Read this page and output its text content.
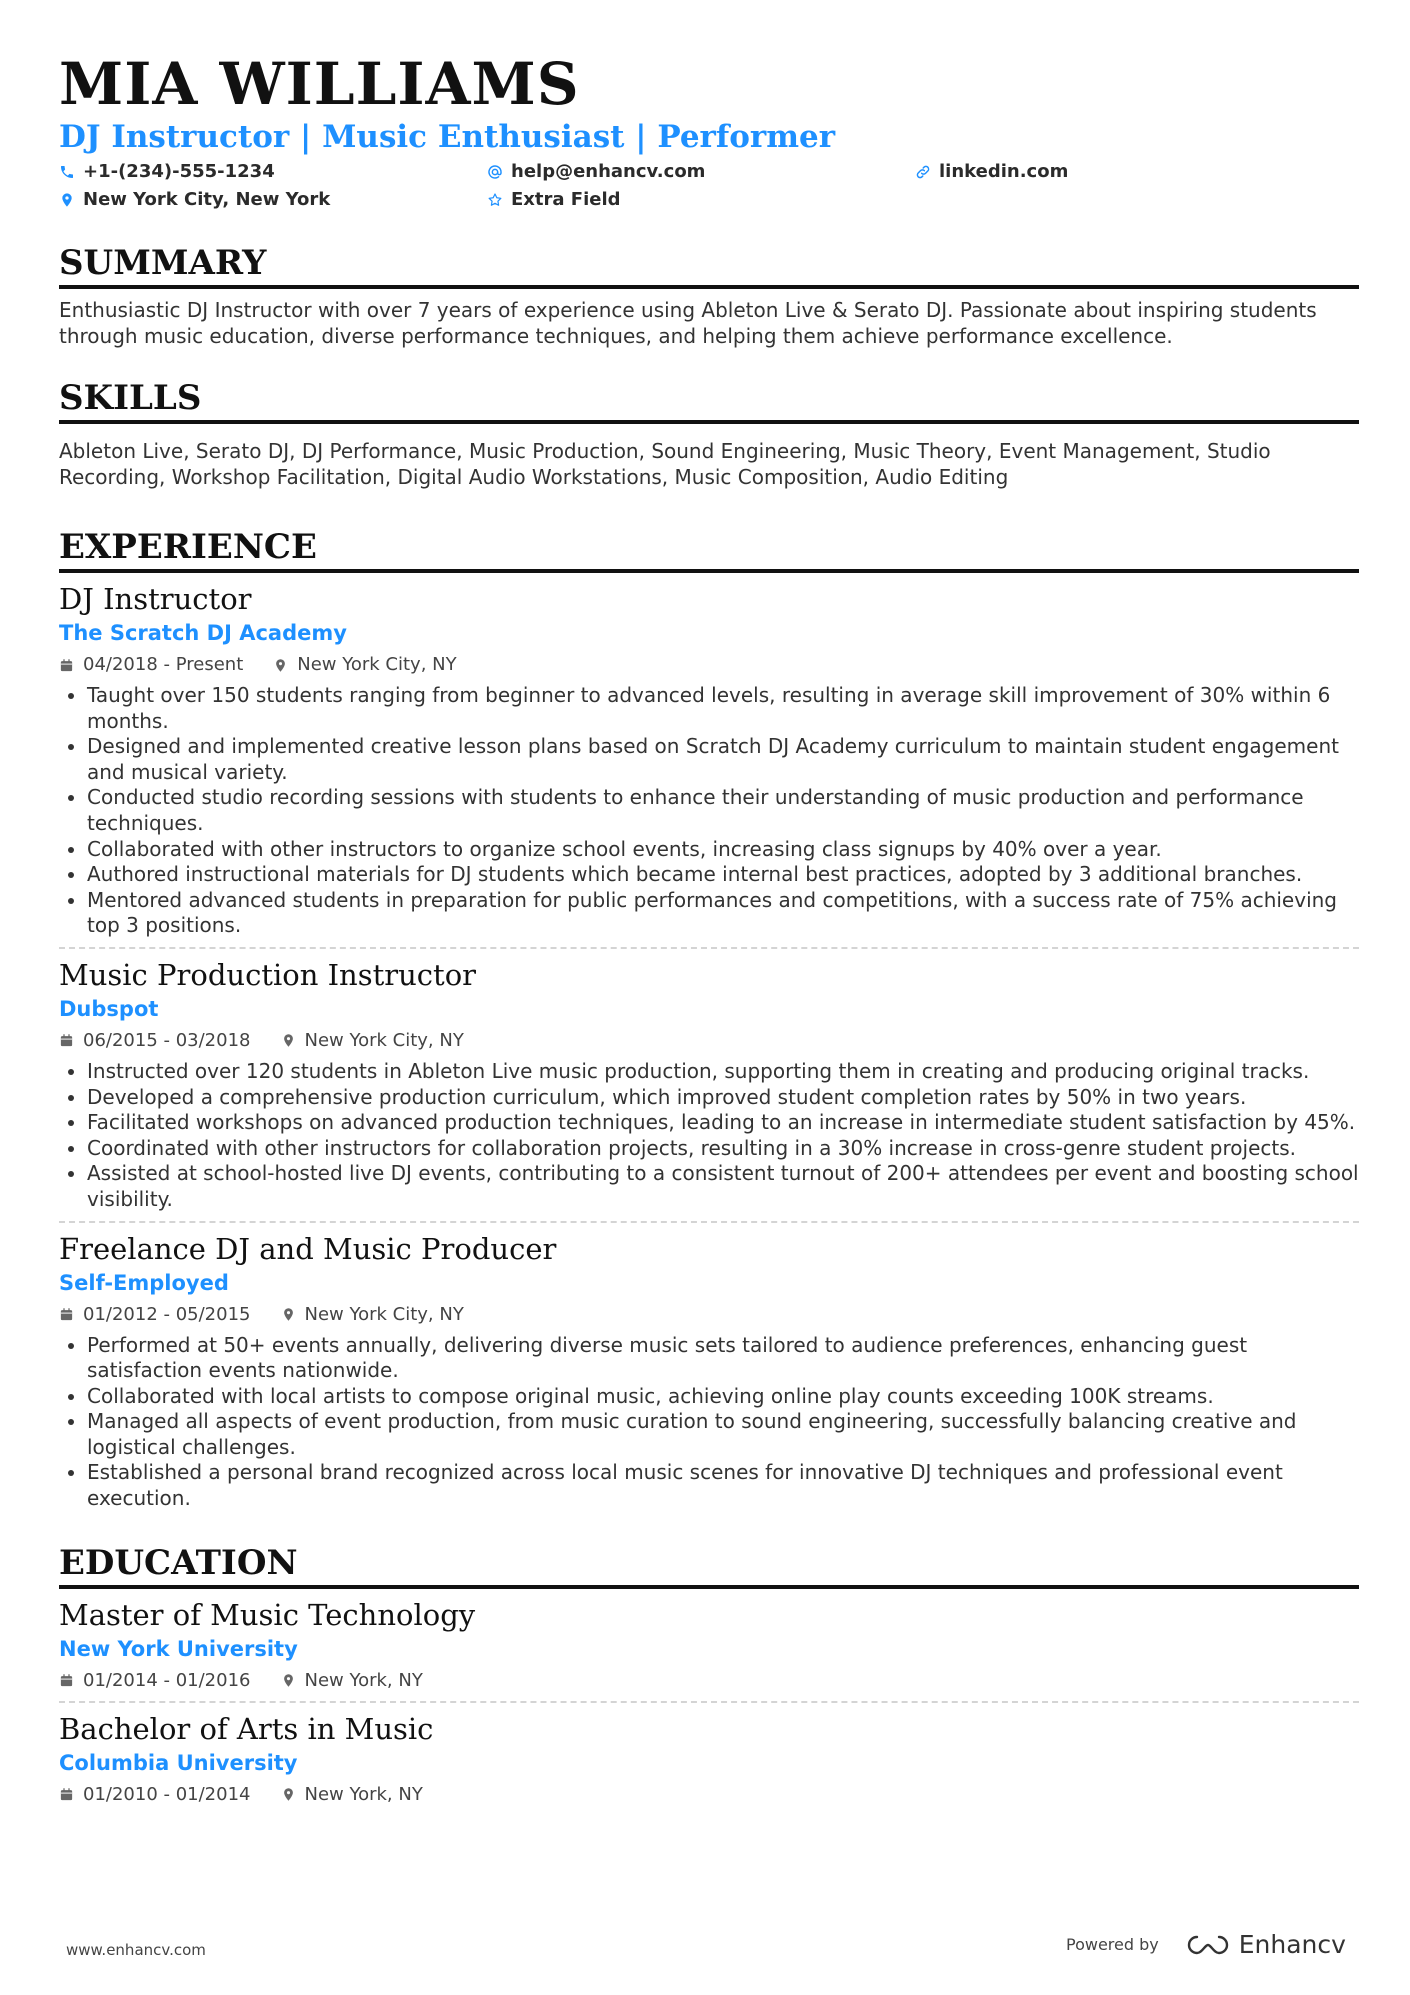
MIA WILLIAMS
DJ Instructor | Music Enthusiast | Performer
+1-(234)-555-1234	help@enhancv.com	linkedin.com
New York City, New York	Extra Field
SUMMARY
Enthusiastic DJ Instructor with over 7 years of experience using Ableton Live & Serato DJ. Passionate about inspiring students through music education, diverse performance techniques, and helping them achieve performance excellence.
SKILLS
Ableton Live, Serato DJ, DJ Performance, Music Production, Sound Engineering, Music Theory, Event Management, Studio Recording, Workshop Facilitation, Digital Audio Workstations, Music Composition, Audio Editing
EXPERIENCE
DJ Instructor
The Scratch DJ Academy
04/2018 - Present	New York City, NY
• Taught over 150 students ranging from beginner to advanced levels, resulting in average skill improvement of 30% within 6 months.
• Designed and implemented creative lesson plans based on Scratch DJ Academy curriculum to maintain student engagement and musical variety.
• Conducted studio recording sessions with students to enhance their understanding of music production and performance techniques.
• Collaborated with other instructors to organize school events, increasing class signups by 40% over a year.
• Authored instructional materials for DJ students which became internal best practices, adopted by 3 additional branches.
• Mentored advanced students in preparation for public performances and competitions, with a success rate of 75% achieving top 3 positions.
Music Production Instructor
Dubspot
06/2015 - 03/2018	New York City, NY
• Instructed over 120 students in Ableton Live music production, supporting them in creating and producing original tracks.
• Developed a comprehensive production curriculum, which improved student completion rates by 50% in two years.
• Facilitated workshops on advanced production techniques, leading to an increase in intermediate student satisfaction by 45%.
• Coordinated with other instructors for collaboration projects, resulting in a 30% increase in cross-genre student projects.
• Assisted at school-hosted live DJ events, contributing to a consistent turnout of 200+ attendees per event and boosting school visibility.
Freelance DJ and Music Producer
Self-Employed
01/2012 - 05/2015	New York City, NY
• Performed at 50+ events annually, delivering diverse music sets tailored to audience preferences, enhancing guest satisfaction events nationwide.
• Collaborated with local artists to compose original music, achieving online play counts exceeding 100K streams.
• Managed all aspects of event production, from music curation to sound engineering, successfully balancing creative and logistical challenges.
• Established a personal brand recognized across local music scenes for innovative DJ techniques and professional event execution.
EDUCATION
Master of Music Technology
New York University
01/2014 - 01/2016	New York, NY
Bachelor of Arts in Music
Columbia University
01/2010 - 01/2014	New York, NY
www.enhancv.com	Powered by	Enhancv
